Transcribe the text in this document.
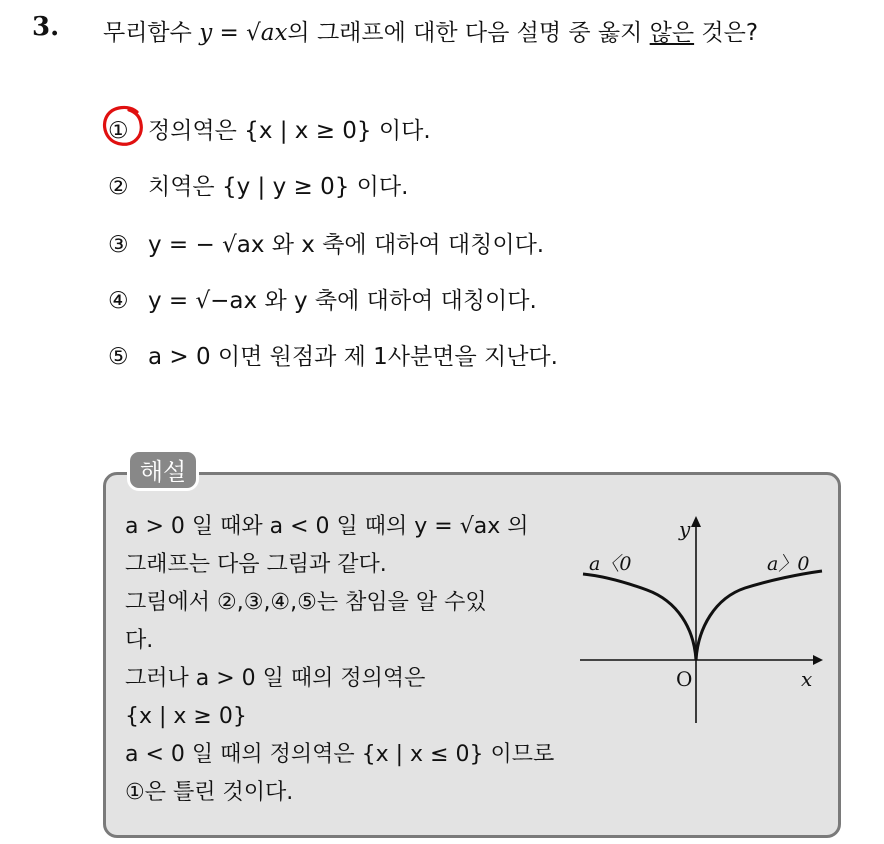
3. 무리함수 y = √ax의 그래프에 대한 다음 설명 중 옳지 않은 것은?
① 정의역은 {x | x ≥ 0} 이다.
② 치역은 {y | y ≥ 0} 이다.
③ y = − √ax 와 x 축에 대하여 대칭이다.
④ y = √−ax 와 y 축에 대하여 대칭이다.
⑤ a > 0 이면 원점과 제 1사분면을 지난다.
해설
a > 0 일 때와 a < 0 일 때의 y = √ax 의
그래프는 다음 그림과 같다.
그림에서 ②,③,④,⑤는 참임을 알 수있
다.
그러나 a > 0 일 때의 정의역은
{x | x ≥ 0}
a < 0 일 때의 정의역은 {x | x ≤ 0} 이므로
①은 틀린 것이다.
y
x
O
a〈0	a〉0
